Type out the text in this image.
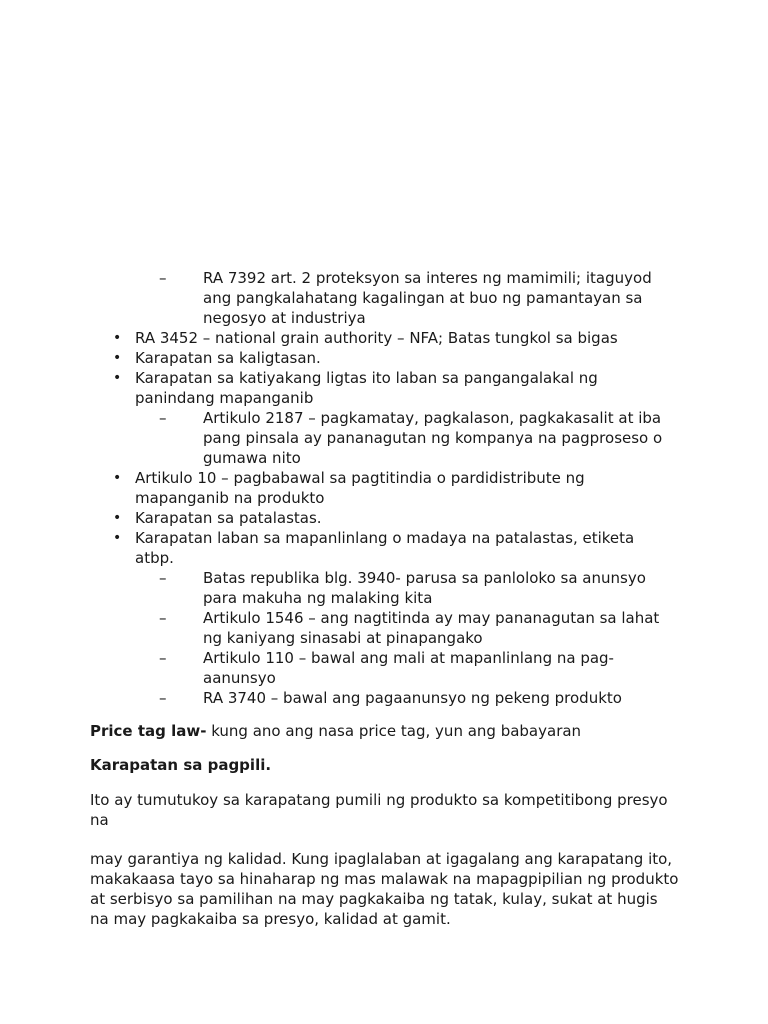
– RA 7392 art. 2 proteksyon sa interes ng mamimili; itaguyod ang pangkalahatang kagalingan at buo ng pamantayan sa negosyo at industriya
• RA 3452 – national grain authority – NFA; Batas tungkol sa bigas
• Karapatan sa kaligtasan.
• Karapatan sa katiyakang ligtas ito laban sa pangangalakal ng panindang mapanganib
– Artikulo 2187 – pagkamatay, pagkalason, pagkakasalit at iba pang pinsala ay pananagutan ng kompanya na pagproseso o gumawa nito
• Artikulo 10 – pagbabawal sa pagtitindia o pardidistribute ng mapanganib na produkto
• Karapatan sa patalastas.
• Karapatan laban sa mapanlinlang o madaya na patalastas, etiketa atbp.
– Batas republika blg. 3940- parusa sa panloloko sa anunsyo para makuha ng malaking kita
– Artikulo 1546 – ang nagtitinda ay may pananagutan sa lahat ng kaniyang sinasabi at pinapangako
– Artikulo 110 – bawal ang mali at mapanlinlang na pag-aanunsyo
– RA 3740 – bawal ang pagaanunsyo ng pekeng produkto
Price tag law- kung ano ang nasa price tag, yun ang babayaran
Karapatan sa pagpili.
Ito ay tumutukoy sa karapatang pumili ng produkto sa kompetitibong presyo na
may garantiya ng kalidad. Kung ipaglalaban at igagalang ang karapatang ito, makakaasa tayo sa hinaharap ng mas malawak na mapagpipilian ng produkto at serbisyo sa pamilihan na may pagkakaiba ng tatak, kulay, sukat at hugis na may pagkakaiba sa presyo, kalidad at gamit.
